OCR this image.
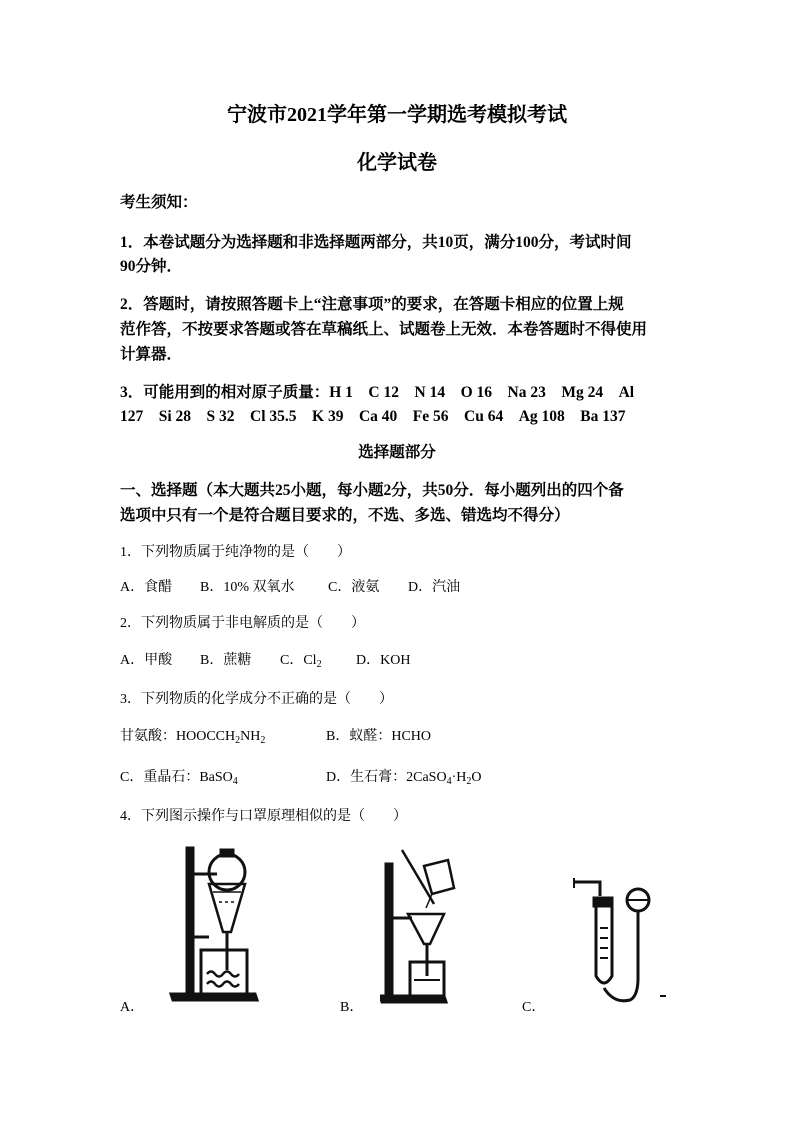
宁波市2021学年第一学期选考模拟考试
化学试卷
考生须知：
1．本卷试题分为选择题和非选择题两部分，共10页，满分100分，考试时间
90分钟．
2．答题时，请按照答题卡上“注意事项”的要求，在答题卡相应的位置上规
范作答，不按要求答题或答在草稿纸上、试题卷上无效．本卷答题时不得使用
计算器．
3．可能用到的相对原子质量：H 1　C 12　N 14　O 16　Na 23　Mg 24　Al
127　Si 28　S 32　Cl 35.5　K 39　Ca 40　Fe 56　Cu 64　Ag 108　Ba 137
选择题部分
一、选择题（本大题共25小题，每小题2分，共50分．每小题列出的四个备
选项中只有一个是符合题目要求的，不选、多选、错选均不得分）
1．下列物质属于纯净物的是（　　）
A．食醋 B．10% 双氧水 C．液氨 D．汽油
2．下列物质属于非电解质的是（　　）
A．甲酸 B．蔗糖 C．$Cl_2$ D．KOH
3．下列物质的化学成分不正确的是（　　）
甘氨酸：$HOOCCH_2NH_2$	B．蚁醛：HCHO
C．重晶石：BaSO$_4$	D．生石膏：$2CaSO_4\cdot H_2O$
4．下列图示操作与口罩原理相似的是（　　）
A．	B．	C．
